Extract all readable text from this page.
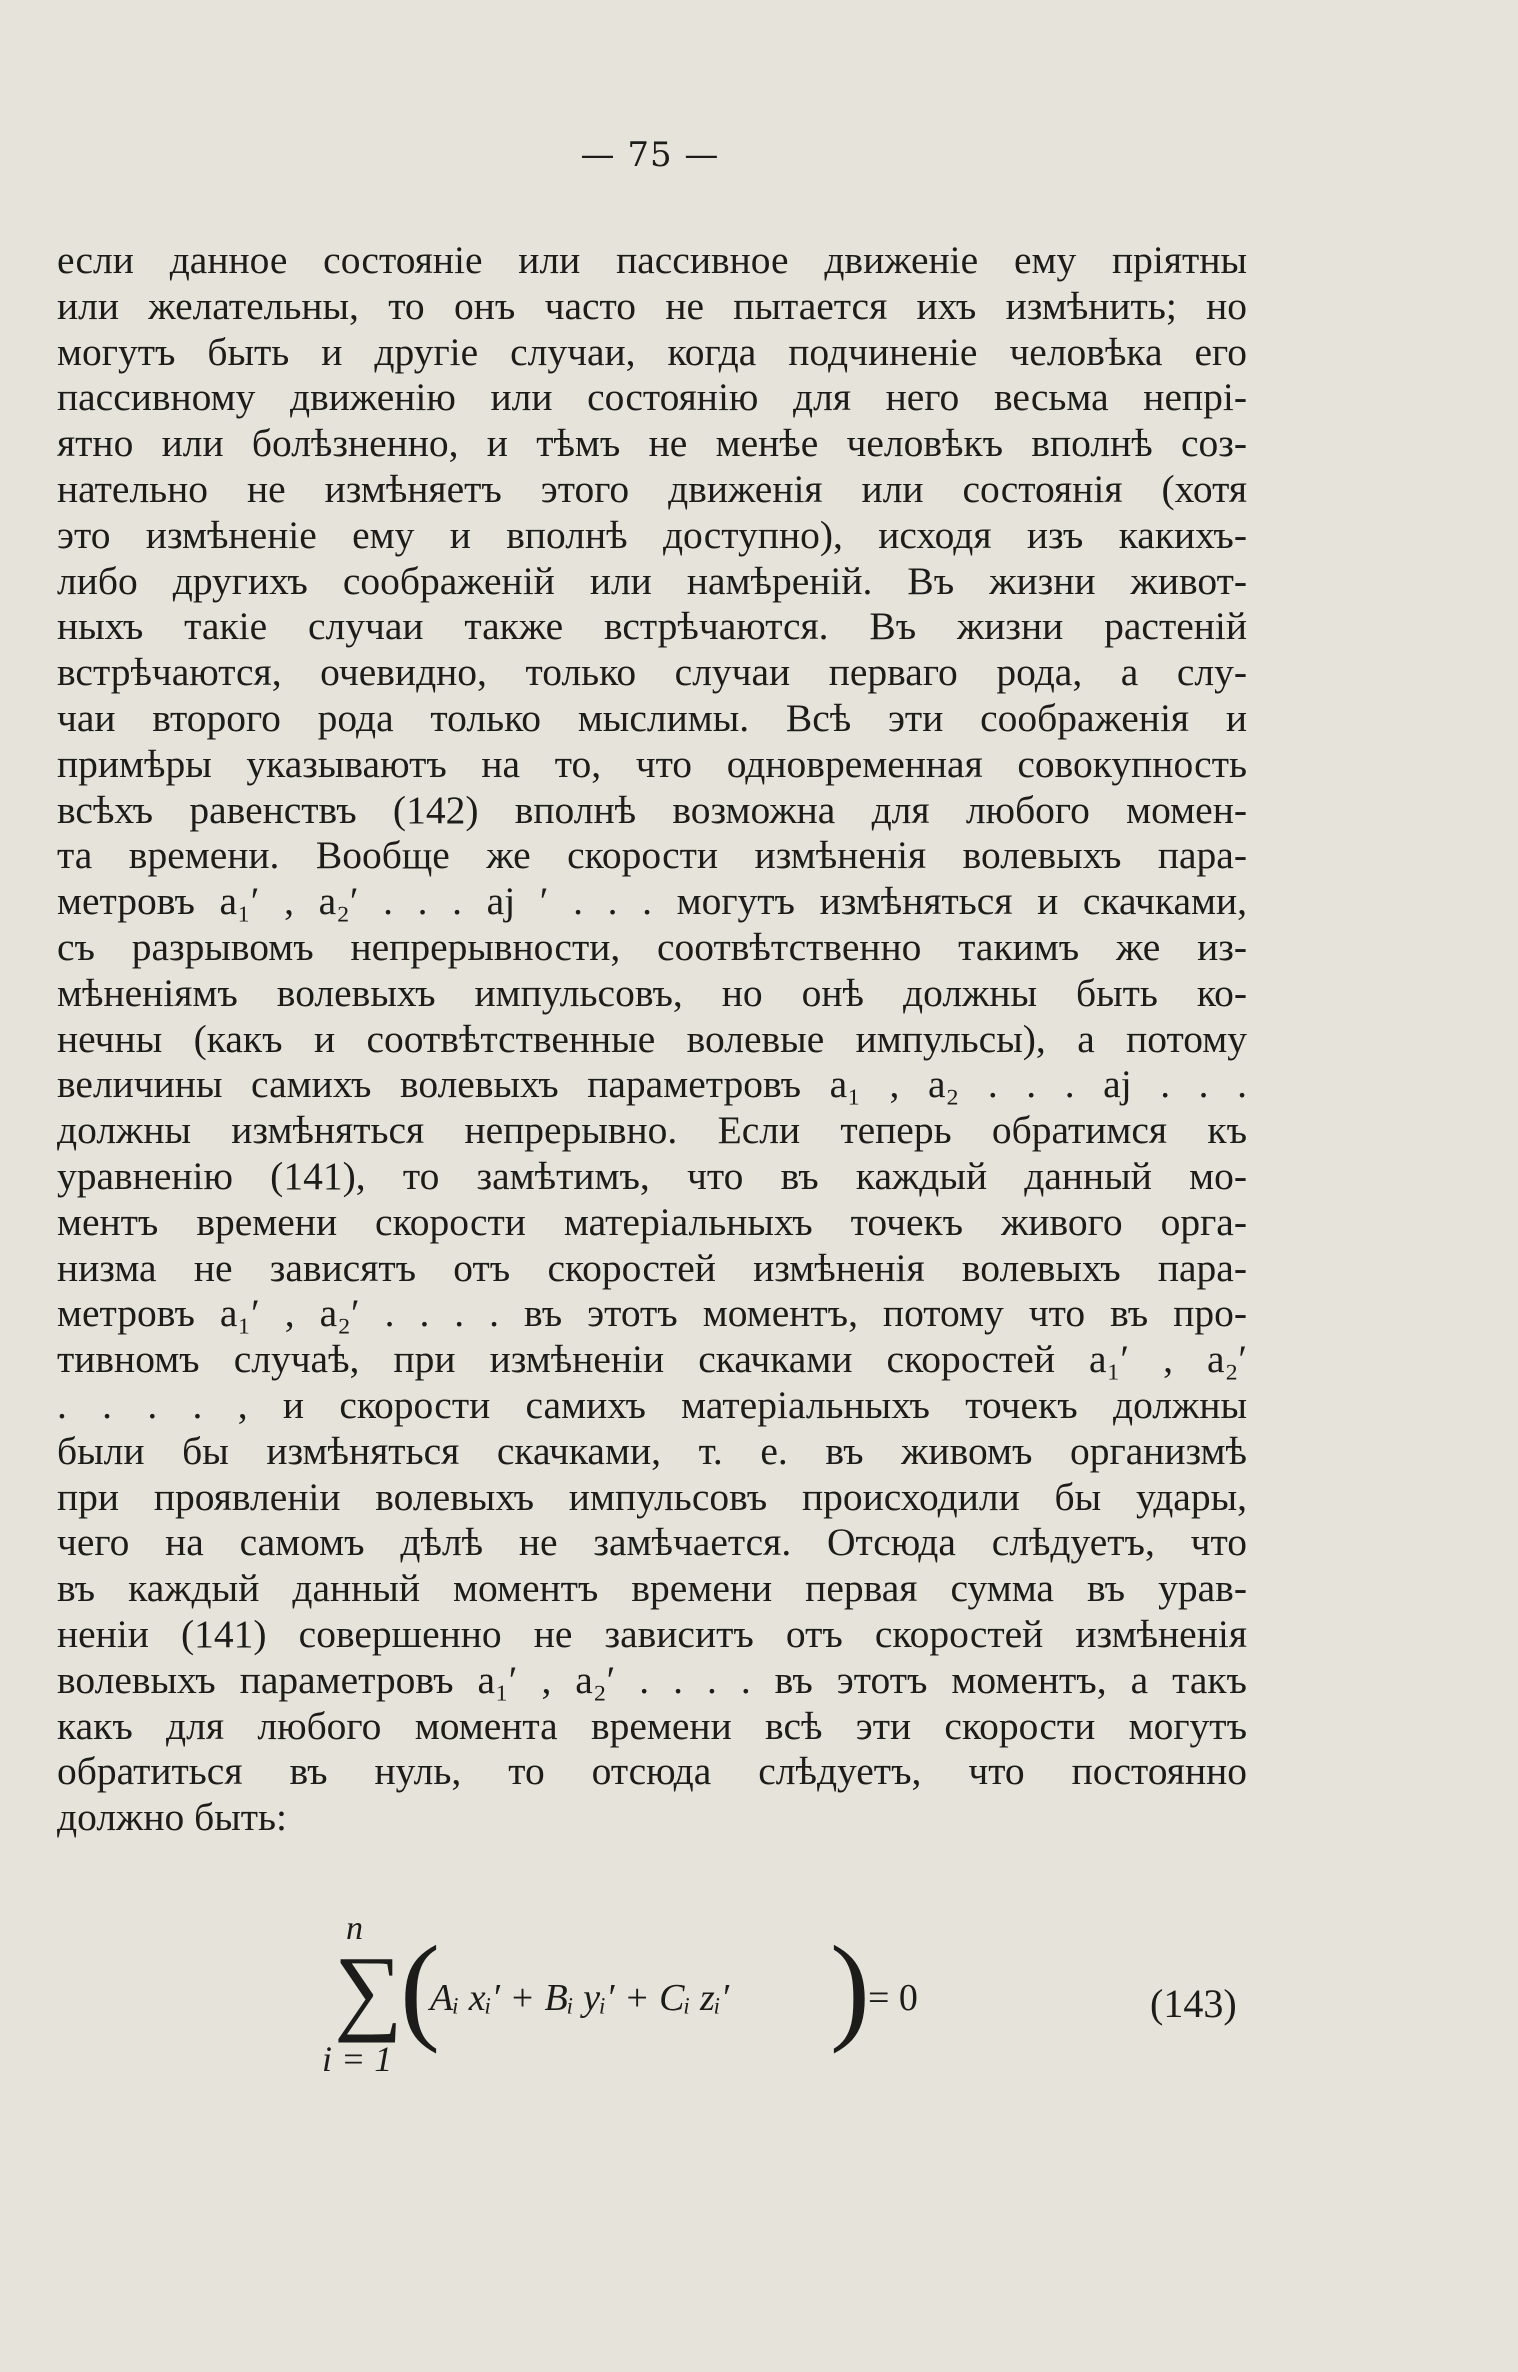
— 75 —
если данное состоянiе или пассивное движенiе ему прiятны
или желательны, то онъ часто не пытается ихъ измѣнить; но
могутъ быть и другiе случаи, когда подчиненiе человѣка его
пассивному движенiю или состоянiю для него весьма непрi-
ятно или болѣзненно, и тѣмъ не менѣе человѣкъ вполнѣ соз-
нательно не измѣняетъ этого движенiя или состоянiя (хотя
это измѣненiе ему и вполнѣ доступно), исходя изъ какихъ-
либо другихъ соображенiй или намѣренiй. Въ жизни живот-
ныхъ такiе случаи также встрѣчаются. Въ жизни растенiй
встрѣчаются, очевидно, только случаи перваго рода, а слу-
чаи второго рода только мыслимы. Всѣ эти соображенiя и
примѣры указываютъ на то, что одновременная совокупность
всѣхъ равенствъ (142) вполнѣ возможна для любого момен-
та времени. Вообще же скорости измѣненiя волевыхъ пара-
метровъ a₁′ , a₂′ . . . aj ′ . . . могутъ измѣняться и скачками,
съ разрывомъ непрерывности, соотвѣтственно такимъ же из-
мѣненiямъ волевыхъ импульсовъ, но онѣ должны быть ко-
нечны (какъ и соотвѣтственные волевые импульсы), а потому
величины самихъ волевыхъ параметровъ a₁ , a₂ . . . aj . . .
должны измѣняться непрерывно. Если теперь обратимся къ
уравненiю (141), то замѣтимъ, что въ каждый данный мо-
ментъ времени скорости матерiальныхъ точекъ живого орга-
низма не зависятъ отъ скоростей измѣненiя волевыхъ пара-
метровъ a₁′ , a₂′ . . . . въ этотъ моментъ, потому что въ про-
тивномъ случаѣ, при измѣненiи скачками скоростей a₁′ , a₂′
. . . . , и скорости самихъ матерiальныхъ точекъ должны
были бы измѣняться скачками, т. е. въ живомъ организмѣ
при проявленiи волевыхъ импульсовъ происходили бы удары,
чего на самомъ дѣлѣ не замѣчается. Отсюда слѣдуетъ, что
въ каждый данный моментъ времени первая сумма въ урав-
ненiи (141) совершенно не зависитъ отъ скоростей измѣненiя
волевыхъ параметровъ a₁′ , a₂′ . . . . въ этотъ моментъ, а такъ
какъ для любого момента времени всѣ эти скорости могутъ
обратиться въ нуль, то отсюда слѣдуетъ, что постоянно
должно быть:
n
∑
i = 1
(
Aᵢ xᵢ′ + Bᵢ yᵢ′ + Cᵢ zᵢ′ )
= 0	(143)
